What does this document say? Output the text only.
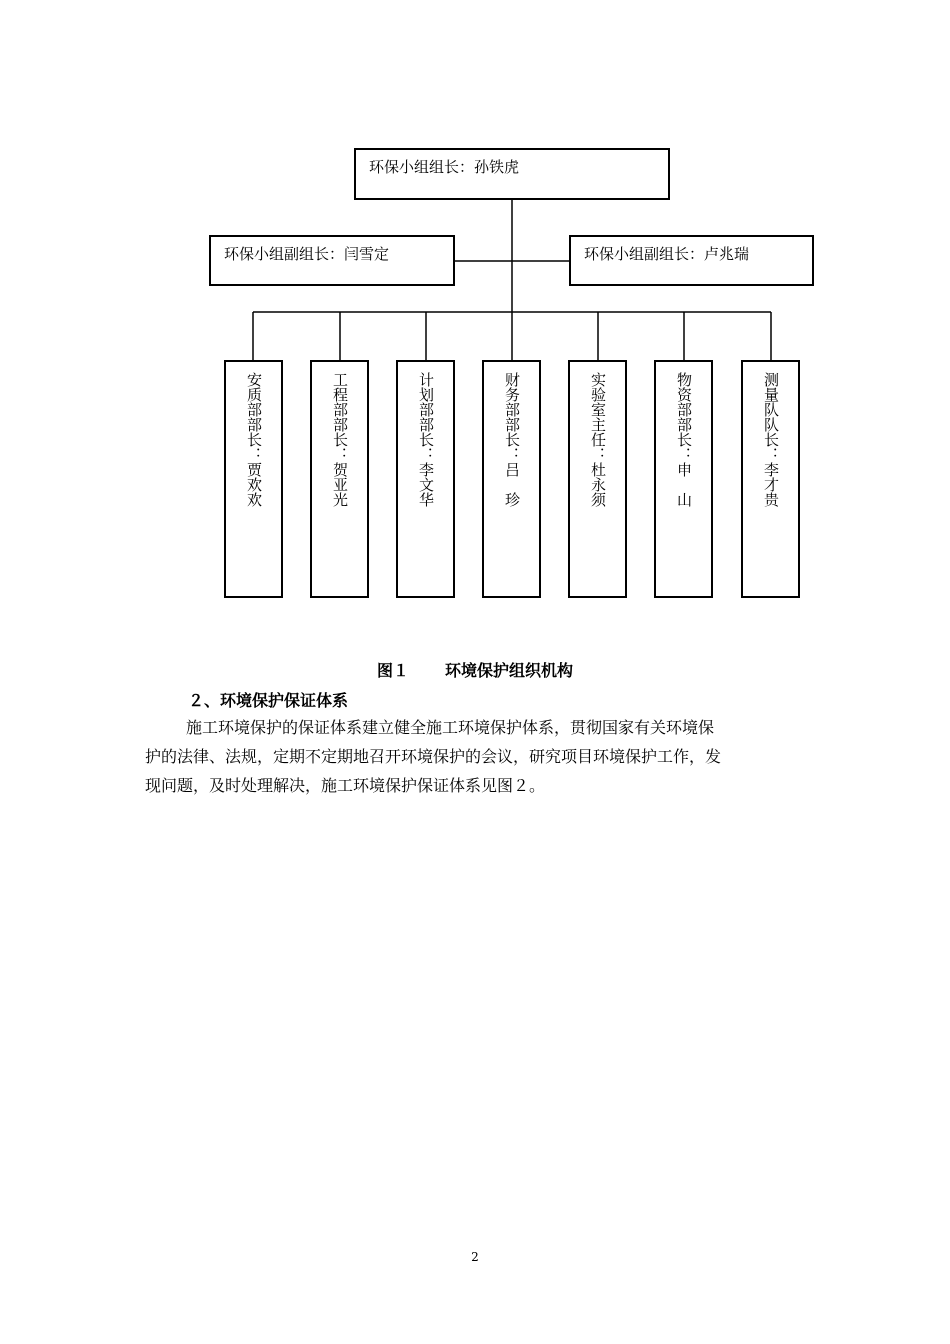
环保小组组长：孙铁虎
环保小组副组长：闫雪定	环保小组副组长：卢兆瑞
安质部部长：贾欢欢	工程部部长：贺亚光	计划部部长：李文华	财务部部长：吕　珍	实验室主任：杜永须	物资部部长：申　山	测量队队长：李才贵
图１ 环境保护组织机构
２、环境保护保证体系
施工环境保护的保证体系建立健全施工环境保护体系，贯彻国家有关环境保
护的法律、法规，定期不定期地召开环境保护的会议，研究项目环境保护工作，发
现问题，及时处理解决，施工环境保护保证体系见图２。
2
